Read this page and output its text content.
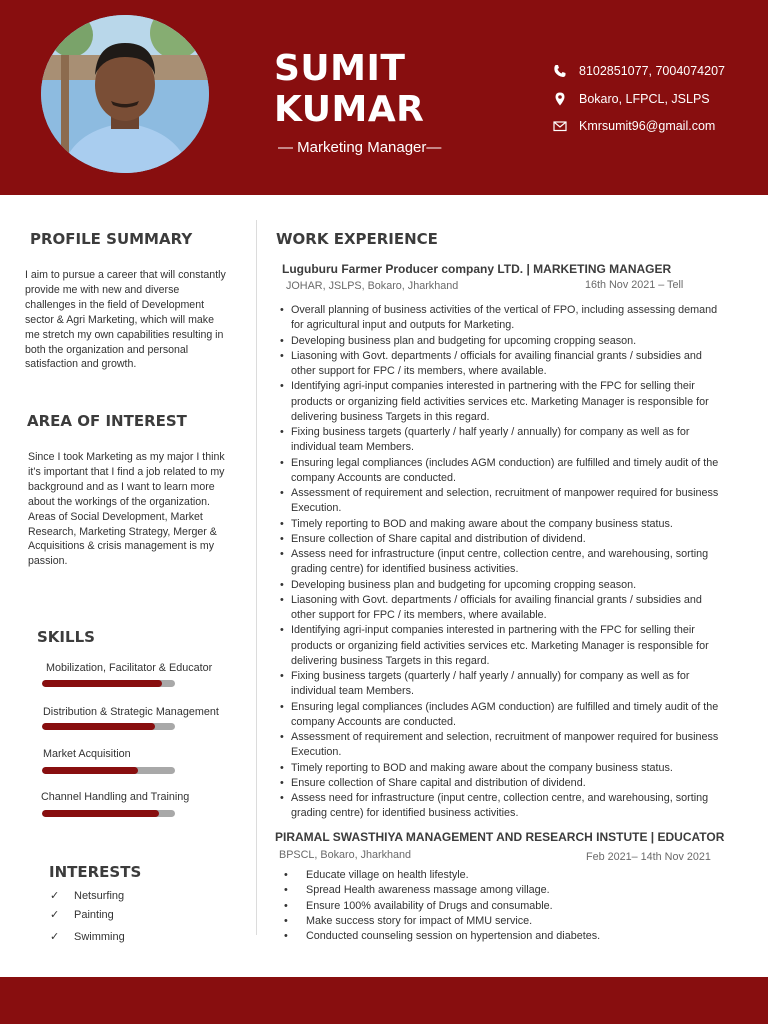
SUMIT
KUMAR
— Marketing Manager—
8102851077, 7004074207
Bokaro, LFPCL, JSLPS
Kmrsumit96@gmail.com
PROFILE SUMMARY
I aim to pursue a career that will constantly provide me with new and diverse challenges in the field of Development sector & Agri Marketing, which will make me stretch my own capabilities resulting in both the organization and personal satisfaction and growth.
AREA OF INTEREST
Since I took Marketing as my major I think it’s important that I find a job related to my background and as I want to learn more about the workings of the organization. Areas of Social Development, Market Research, Marketing Strategy, Merger & Acquisitions & crisis management is my passion.
SKILLS
Mobilization, Facilitator & Educator
Distribution & Strategic Management
Market Acquisition
Channel Handling and Training
INTERESTS
✓	Netsurfing
✓	Painting
✓	Swimming
WORK EXPERIENCE
Luguburu Farmer Producer company LTD. | MARKETING MANAGER
JOHAR, JSLPS, Bokaro, Jharkhand	16th Nov 2021 – Tell
• Overall planning of business activities of the vertical of FPO, including assessing demand for agricultural input and outputs for Marketing.
• Developing business plan and budgeting for upcoming cropping season.
• Liasoning with Govt. departments / officials for availing financial grants / subsidies and other support for FPC / its members, where available.
• Identifying agri-input companies interested in partnering with the FPC for selling their products or organizing field activities services etc. Marketing Manager is responsible for delivering business Targets in this regard.
• Fixing business targets (quarterly / half yearly / annually) for company as well as for individual team Members.
• Ensuring legal compliances (includes AGM conduction) are fulfilled and timely audit of the company Accounts are conducted.
• Assessment of requirement and selection, recruitment of manpower required for business Execution.
• Timely reporting to BOD and making aware about the company business status.
• Ensure collection of Share capital and distribution of dividend.
• Assess need for infrastructure (input centre, collection centre, and warehousing, sorting grading centre) for identified business activities.
• Developing business plan and budgeting for upcoming cropping season.
• Liasoning with Govt. departments / officials for availing financial grants / subsidies and other support for FPC / its members, where available.
• Identifying agri-input companies interested in partnering with the FPC for selling their products or organizing field activities services etc. Marketing Manager is responsible for delivering business Targets in this regard.
• Fixing business targets (quarterly / half yearly / annually) for company as well as for individual team Members.
• Ensuring legal compliances (includes AGM conduction) are fulfilled and timely audit of the company Accounts are conducted.
• Assessment of requirement and selection, recruitment of manpower required for business Execution.
• Timely reporting to BOD and making aware about the company business status.
• Ensure collection of Share capital and distribution of dividend.
• Assess need for infrastructure (input centre, collection centre, and warehousing, sorting grading centre) for identified business activities.
PIRAMAL SWASTHIYA MANAGEMENT AND RESEARCH INSTUTE | EDUCATOR
BPSCL, Bokaro, Jharkhand	Feb 2021– 14th Nov 2021
• Educate village on health lifestyle.
• Spread Health awareness massage among village.
• Ensure 100% availability of Drugs and consumable.
• Make success story for impact of MMU service.
• Conducted counseling session on hypertension and diabetes.
